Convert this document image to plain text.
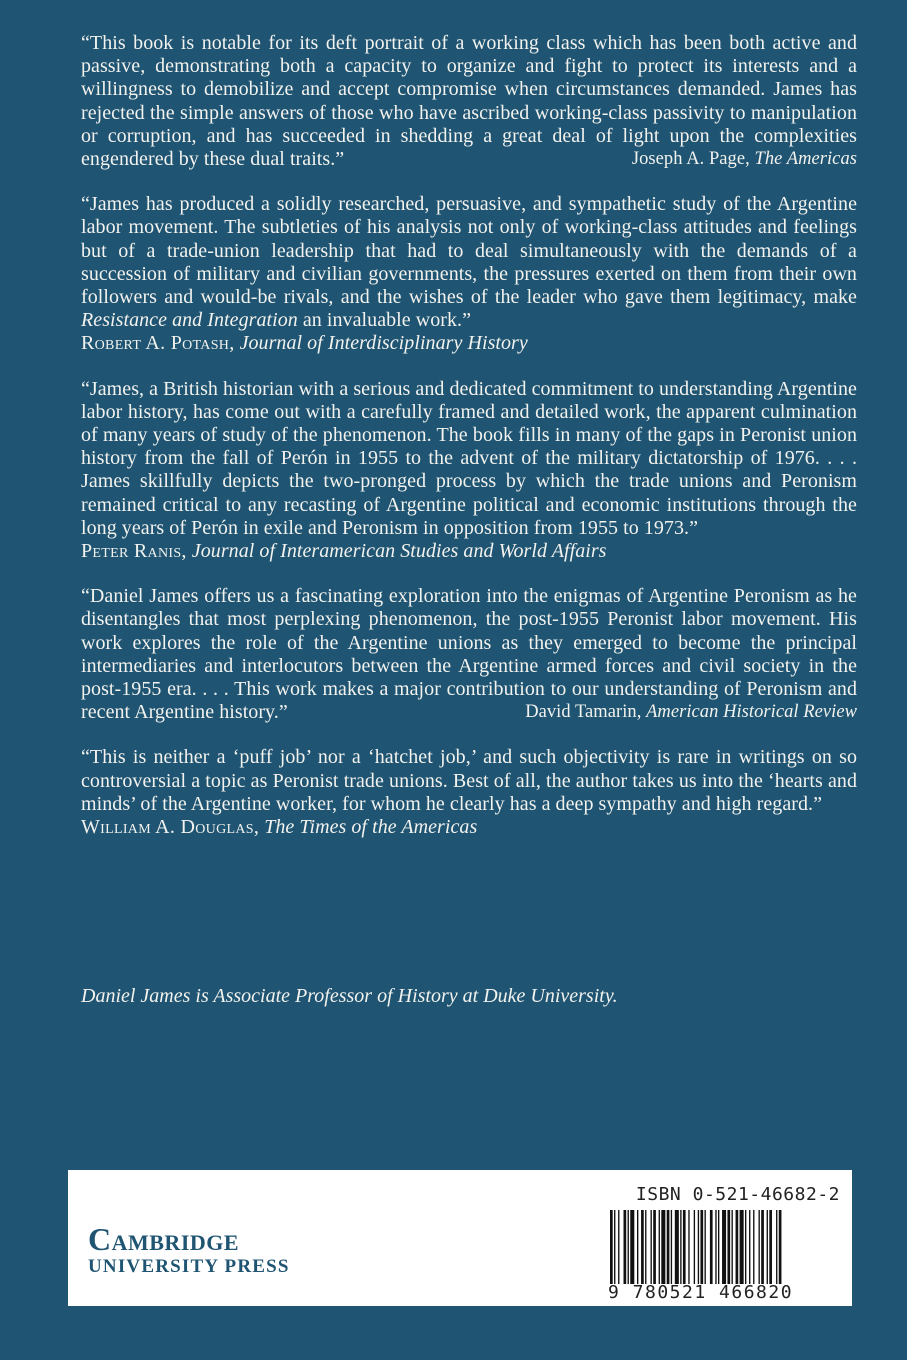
“This book is notable for its deft portrait of a working class which has been both active and passive, demonstrating both a capacity to organize and fight to protect its interests and a willingness to demobilize and accept compromise when circumstances demanded. James has rejected the simple answers of those who have ascribed working-class passivity to manipulation or corruption, and has succeeded in shedding a great deal of light upon the complexities engendered by these dual traits.”	Joseph A. Page, The Americas

“James has produced a solidly researched, persuasive, and sympathetic study of the Argentine labor movement. The subtleties of his analysis not only of working-class attitudes and feelings but of a trade-union leadership that had to deal simultaneously with the demands of a succession of military and civilian governments, the pressures exerted on them from their own followers and would-be rivals, and the wishes of the leader who gave them legitimacy, make Resistance and Integration an invaluable work.”

Robert A. Potash, Journal of Interdisciplinary History

“James, a British historian with a serious and dedicated commitment to understanding Argentine labor history, has come out with a carefully framed and detailed work, the apparent culmination of many years of study of the phenomenon. The book fills in many of the gaps in Peronist union history from the fall of Perón in 1955 to the advent of the military dictatorship of 1976. . . . James skillfully depicts the two-pronged process by which the trade unions and Peronism remained critical to any recasting of Argentine political and economic institutions through the long years of Perón in exile and Peronism in opposition from 1955 to 1973.”

Peter Ranis, Journal of Interamerican Studies and World Affairs

“Daniel James offers us a fascinating exploration into the enigmas of Argentine Peronism as he disentangles that most perplexing phenomenon, the post-1955 Peronist labor movement. His work explores the role of the Argentine unions as they emerged to become the principal intermediaries and interlocutors between the Argentine armed forces and civil society in the post-1955 era. . . . This work makes a major contribution to our understanding of Peronism and recent Argentine history.”	David Tamarin, American Historical Review

“This is neither a ‘puff job’ nor a ‘hatchet job,’ and such objectivity is rare in writings on so controversial a topic as Peronist trade unions. Best of all, the author takes us into the ‘hearts and minds’ of the Argentine worker, for whom he clearly has a deep sympathy and high regard.”

William A. Douglas, The Times of the Americas

Daniel James is Associate Professor of History at Duke University.
Cambridge
UNIVERSITY PRESS
ISBN 0-521-46682-2
9 780521 466820
